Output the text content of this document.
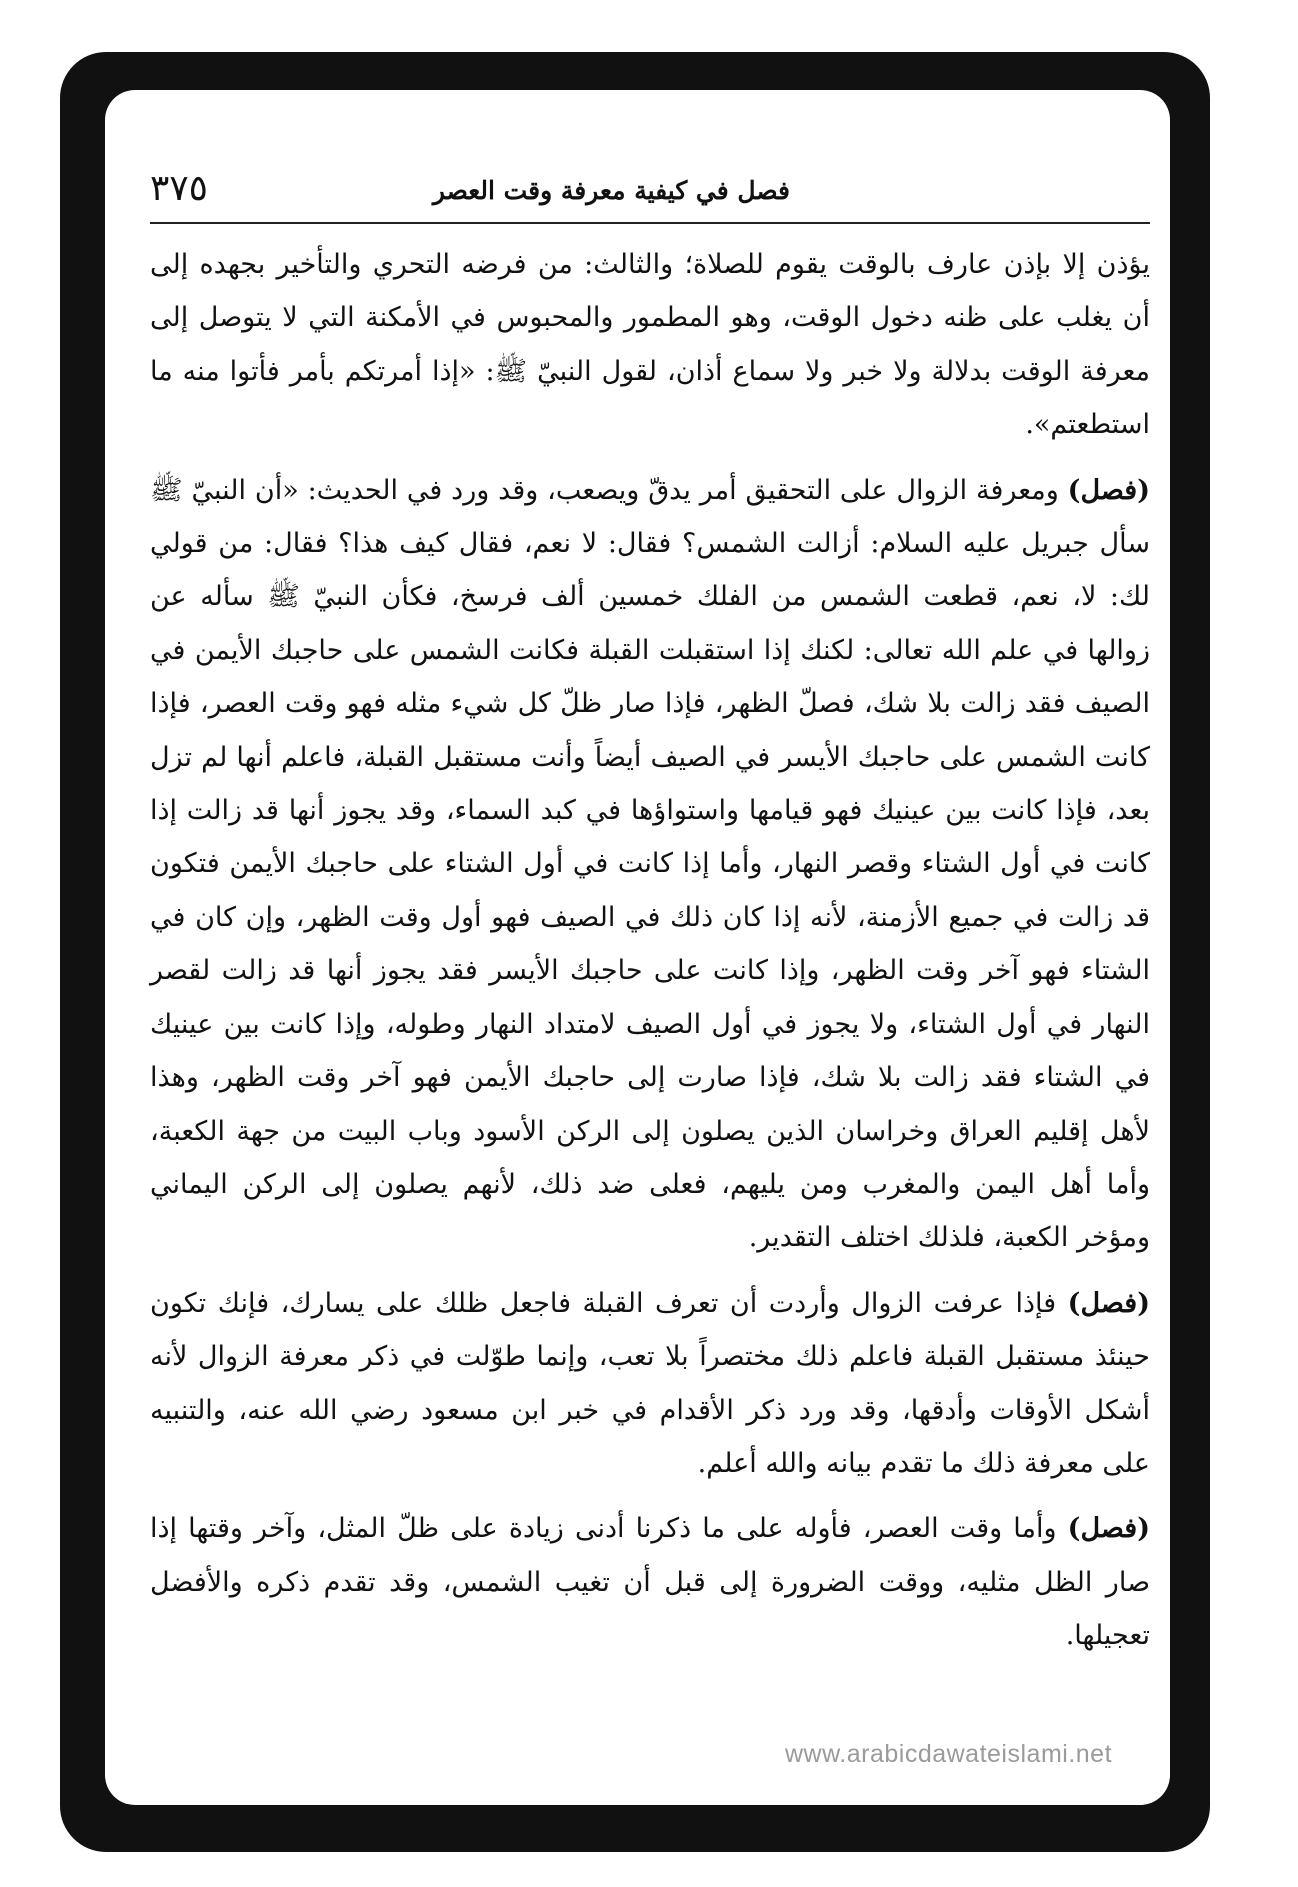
فصل في كيفية معرفة وقت العصر
٣٧٥

يؤذن إلا بإذن عارف بالوقت يقوم للصلاة؛ والثالث: من فرضه التحري والتأخير بجهده إلى أن يغلب على ظنه دخول الوقت، وهو المطمور والمحبوس في الأمكنة التي لا يتوصل إلى معرفة الوقت بدلالة ولا خبر ولا سماع أذان، لقول النبيّ ﷺ: «إذا أمرتكم بأمر فأتوا منه ما استطعتم».

(فصل) ومعرفة الزوال على التحقيق أمر يدقّ ويصعب، وقد ورد في الحديث: «أن النبيّ ﷺ سأل جبريل عليه السلام: أزالت الشمس؟ فقال: لا نعم، فقال كيف هذا؟ فقال: من قولي لك: لا، نعم، قطعت الشمس من الفلك خمسين ألف فرسخ، فكأن النبيّ ﷺ سأله عن زوالها في علم الله تعالى: لكنك إذا استقبلت القبلة فكانت الشمس على حاجبك الأيمن في الصيف فقد زالت بلا شك، فصلّ الظهر، فإذا صار ظلّ كل شيء مثله فهو وقت العصر، فإذا كانت الشمس على حاجبك الأيسر في الصيف أيضاً وأنت مستقبل القبلة، فاعلم أنها لم تزل بعد، فإذا كانت بين عينيك فهو قيامها واستواؤها في كبد السماء، وقد يجوز أنها قد زالت إذا كانت في أول الشتاء وقصر النهار، وأما إذا كانت في أول الشتاء على حاجبك الأيمن فتكون قد زالت في جميع الأزمنة، لأنه إذا كان ذلك في الصيف فهو أول وقت الظهر، وإن كان في الشتاء فهو آخر وقت الظهر، وإذا كانت على حاجبك الأيسر فقد يجوز أنها قد زالت لقصر النهار في أول الشتاء، ولا يجوز في أول الصيف لامتداد النهار وطوله، وإذا كانت بين عينيك في الشتاء فقد زالت بلا شك، فإذا صارت إلى حاجبك الأيمن فهو آخر وقت الظهر، وهذا لأهل إقليم العراق وخراسان الذين يصلون إلى الركن الأسود وباب البيت من جهة الكعبة، وأما أهل اليمن والمغرب ومن يليهم، فعلى ضد ذلك، لأنهم يصلون إلى الركن اليماني ومؤخر الكعبة، فلذلك اختلف التقدير.

(فصل) فإذا عرفت الزوال وأردت أن تعرف القبلة فاجعل ظلك على يسارك، فإنك تكون حينئذ مستقبل القبلة فاعلم ذلك مختصراً بلا تعب، وإنما طوّلت في ذكر معرفة الزوال لأنه أشكل الأوقات وأدقها، وقد ورد ذكر الأقدام في خبر ابن مسعود رضي الله عنه، والتنبيه على معرفة ذلك ما تقدم بيانه والله أعلم.

(فصل) وأما وقت العصر، فأوله على ما ذكرنا أدنى زيادة على ظلّ المثل، وآخر وقتها إذا صار الظل مثليه، ووقت الضرورة إلى قبل أن تغيب الشمس، وقد تقدم ذكره والأفضل تعجيلها.

www.arabicdawateislami.net
